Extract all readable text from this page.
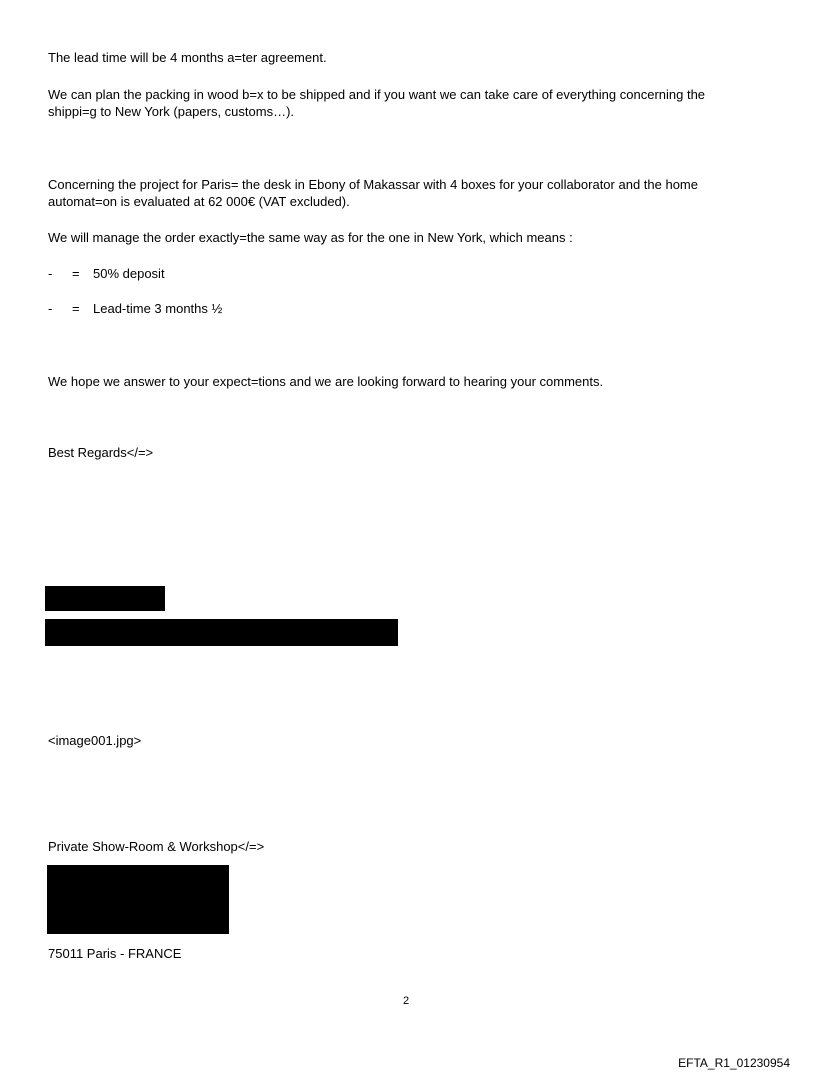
The lead time will be 4 months a=ter agreement.

We can plan the packing in wood b=x to be shipped and if you want we can take care of everything concerning the

shippi=g to New York (papers, customs…).

Concerning the project for Paris= the desk in Ebony of Makassar with 4 boxes for your collaborator and the home

automat=on is evaluated at 62 000€ (VAT excluded).

We will manage the order exactly=the same way as for the one in New York, which means :

- = 50% deposit
- = Lead-time 3 months ½

We hope we answer to your expect=tions and we are looking forward to hearing your comments.

Best Regards</=>

<image001.jpg>

Private Show-Room & Workshop</=>

75011 Paris - FRANCE

2
EFTA_R1_01230954
